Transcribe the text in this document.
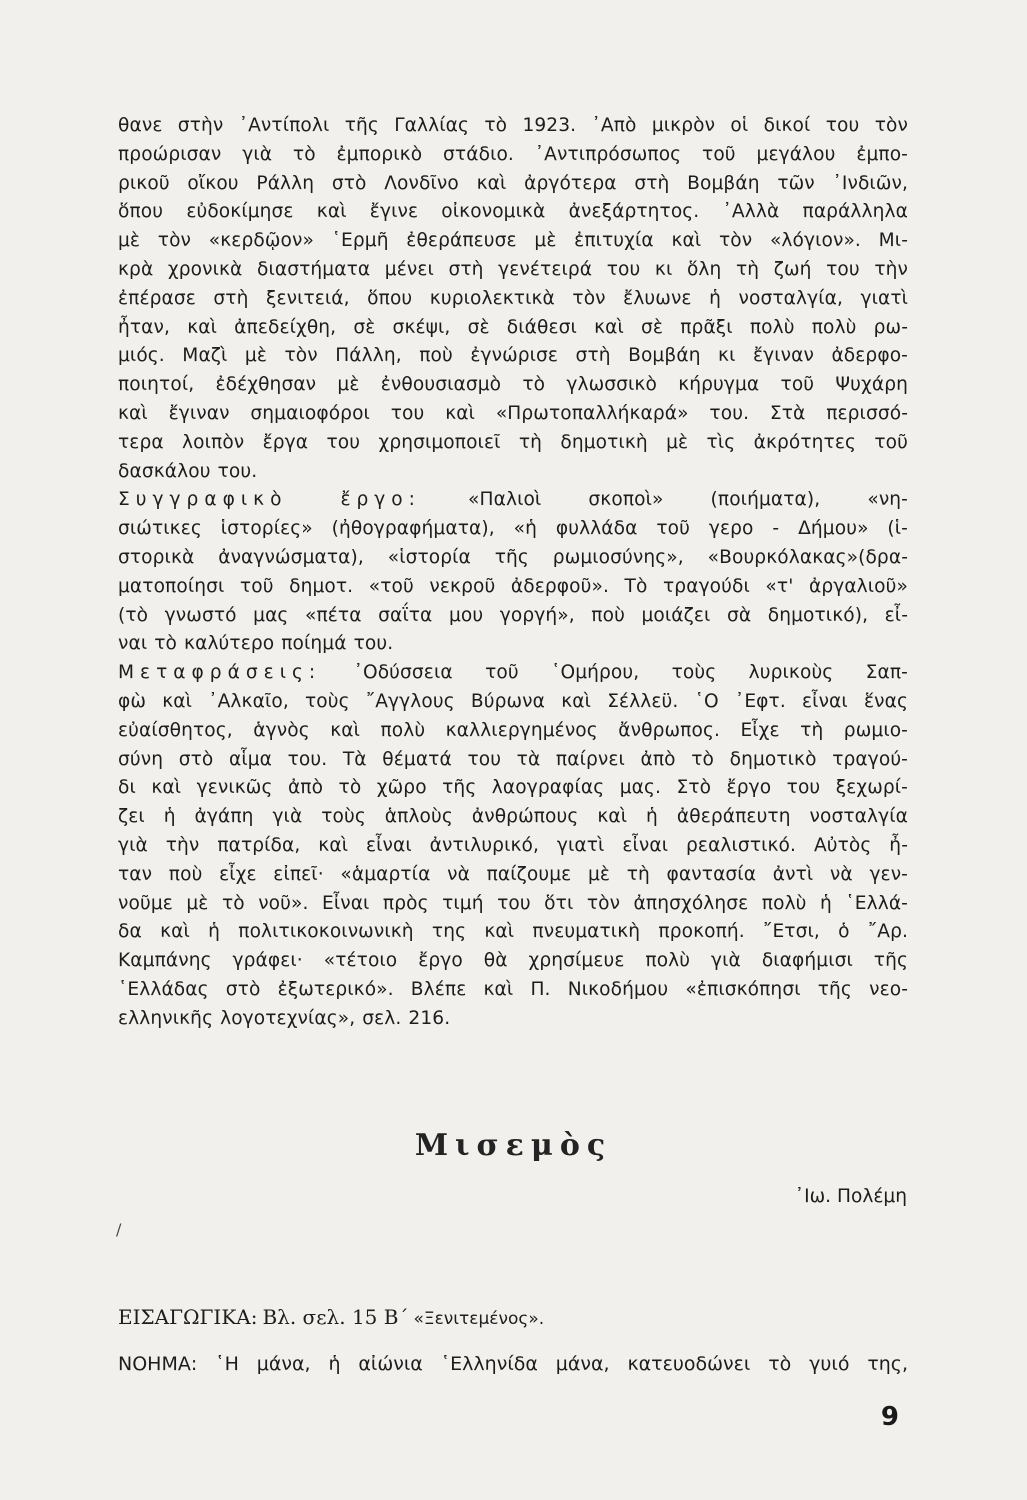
θανε στὴν ᾿Αντίπολι τῆς Γαλλίας τὸ 1923. ᾿Απὸ μικρὸν οἱ δικοί του τὸν
προώρισαν γιὰ τὸ ἐμπορικὸ στάδιο. ᾿Αντιπρόσωπος τοῦ μεγάλου ἐμπο-
ρικοῦ οἴκου Ράλλη στὸ Λονδῖνο καὶ ἀργότερα στὴ Βομβάη τῶν ᾿Ινδιῶν,
ὅπου εὐδοκίμησε καὶ ἔγινε οἰκονομικὰ ἀνεξάρτητος. ᾿Αλλὰ παράλληλα
μὲ τὸν «κερδῷον» ῾Ερμῆ ἐθεράπευσε μὲ ἐπιτυχία καὶ τὸν «λόγιον». Μι-
κρὰ χρονικὰ διαστήματα μένει στὴ γενέτειρά του κι ὅλη τὴ ζωή του τὴν
ἐπέρασε στὴ ξενιτειά, ὅπου κυριολεκτικὰ τὸν ἔλυωνε ἡ νοσταλγία, γιατὶ
ἦταν, καὶ ἀπεδείχθη, σὲ σκέψι, σὲ διάθεσι καὶ σὲ πρᾶξι πολὺ πολὺ ρω-
μιός. Μαζὶ μὲ τὸν Πάλλη, ποὺ ἐγνώρισε στὴ Βομβάη κι ἔγιναν ἀδερφο-
ποιητοί, ἐδέχθησαν μὲ ἐνθουσιασμὸ τὸ γλωσσικὸ κήρυγμα τοῦ Ψυχάρη
καὶ ἔγιναν σημαιοφόροι του καὶ «Πρωτοπαλλήκαρά» του. Στὰ περισσό-
τερα λοιπὸν ἔργα του χρησιμοποιεῖ τὴ δημοτικὴ μὲ τὶς ἀκρότητες τοῦ
δασκάλου του.
Συγγραφικὸ ἔργο:	«Παλιοὶ σκοποὶ» (ποιήματα), «νη-
σιώτικες ἱστορίες» (ἠθογραφήματα), «ἡ φυλλάδα τοῦ γερο - Δήμου» (ἱ-
στορικὰ ἀναγνώσματα), «ἱστορία τῆς ρωμιοσύνης», «Βουρκόλακας»(δρα-
ματοποίησι τοῦ δημοτ. «τοῦ νεκροῦ ἀδερφοῦ». Τὸ τραγούδι «τ' ἀργαλιοῦ»
(τὸ γνωστό μας «πέτα σαΐτα μου γοργή», ποὺ μοιάζει σὰ δημοτικό), εἶ-
ναι τὸ καλύτερο ποίημά του.
Μεταφράσεις: ᾿Οδύσσεια τοῦ ῾Ομήρου, τοὺς λυρικοὺς Σαπ-
φὼ καὶ ᾿Αλκαῖο, τοὺς ῎Αγγλους Βύρωνα καὶ Σέλλεϋ. ῾Ο ᾿Εφτ. εἶναι ἕνας
εὐαίσθητος, ἁγνὸς καὶ πολὺ καλλιεργημένος ἄνθρωπος. Εἶχε τὴ ρωμιο-
σύνη στὸ αἷμα του. Τὰ θέματά του τὰ παίρνει ἀπὸ τὸ δημοτικὸ τραγού-
δι καὶ γενικῶς ἀπὸ τὸ χῶρο τῆς λαογραφίας μας. Στὸ ἔργο του ξεχωρί-
ζει ἡ ἀγάπη γιὰ τοὺς ἁπλοὺς ἀνθρώπους καὶ ἡ ἀθεράπευτη νοσταλγία
γιὰ τὴν πατρίδα, καὶ εἶναι ἀντιλυρικό, γιατὶ εἶναι ρεαλιστικό. Αὐτὸς ἦ-
ταν ποὺ εἶχε εἰπεῖ· «ἁμαρτία νὰ παίζουμε μὲ τὴ φαντασία ἀντὶ νὰ γεν-
νοῦμε μὲ τὸ νοῦ». Εἶναι πρὸς τιμή του ὅτι τὸν ἀπησχόλησε πολὺ ἡ ῾Ελλά-
δα καὶ ἡ πολιτικοκοινωνικὴ της καὶ πνευματικὴ προκοπή. ῎Ετσι, ὁ ῎Αρ.
Καμπάνης γράφει· «τέτοιο ἔργο θὰ χρησίμευε πολὺ γιὰ διαφήμισι τῆς
῾Ελλάδας στὸ ἐξωτερικό». Βλέπε καὶ Π. Νικοδήμου «ἐπισκόπησι τῆς νεο-
ελληνικῆς λογοτεχνίας», σελ. 216.
Μισεμὸς
᾿Ιω. Πολέμη
/
ΕΙΣΑΓΩΓΙΚΑ: Βλ. σελ. 15 Β΄ «Ξενιτεμένος».
ΝΟΗΜΑ: ῾Η μάνα, ἡ αἰώνια ῾Ελληνίδα μάνα, κατευοδώνει τὸ γυιό της,
9
